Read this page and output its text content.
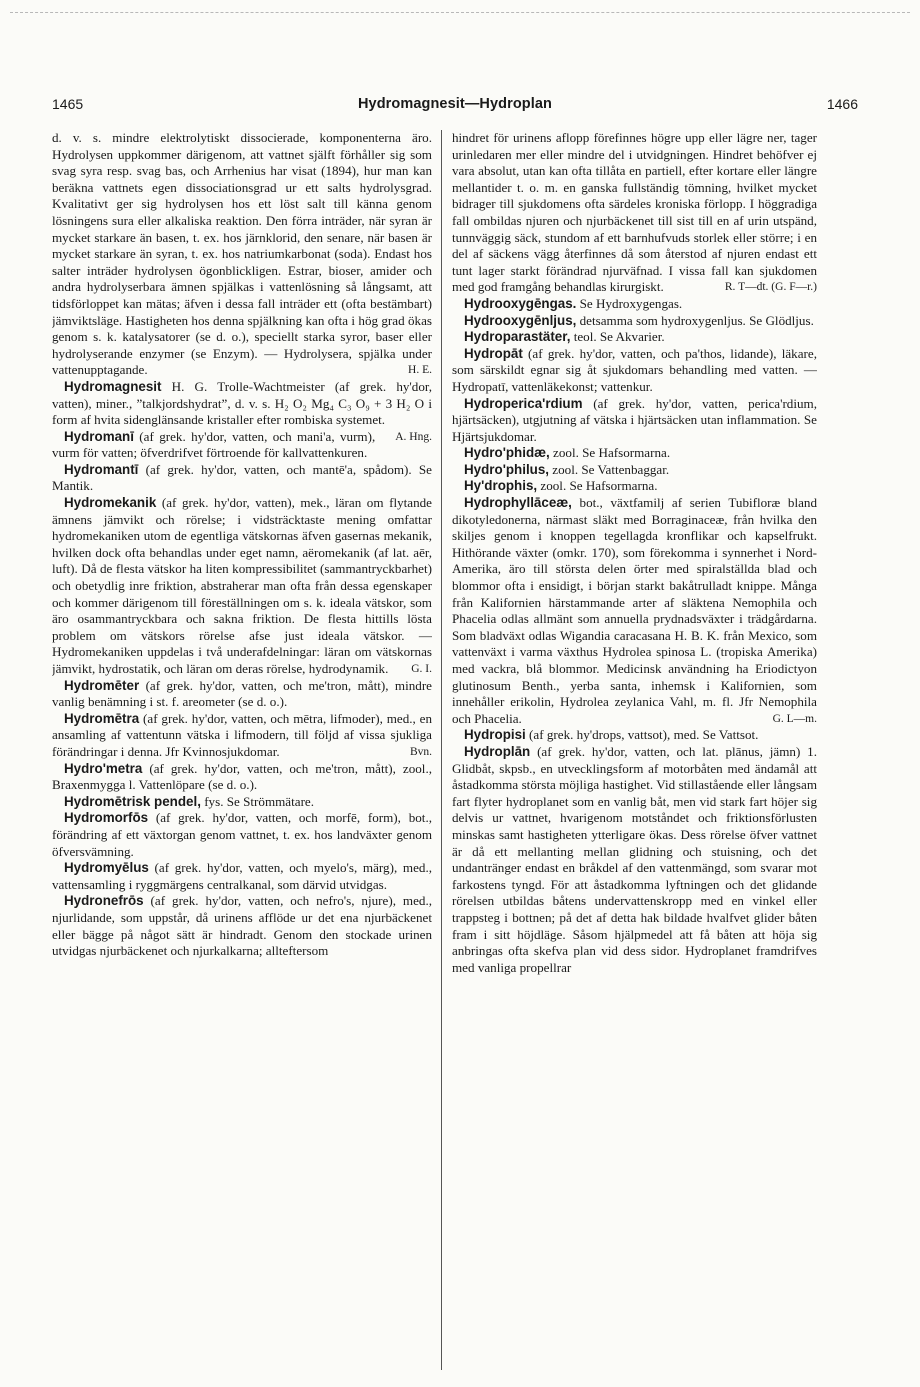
1465	Hydromagnesit—Hydroplan	1466

d. v. s. mindre elektrolytiskt dissocierade, komponenterna äro. Hydrolysen uppkommer därigenom, att vattnet själft förhåller sig som svag syra resp. svag bas, och Arrhenius har visat (1894), hur man kan beräkna vattnets egen dissociationsgrad ur ett salts hydrolysgrad. Kvalitativt ger sig hydrolysen hos ett löst salt till känna genom lösningens sura eller alkaliska reaktion. Den förra inträder, när syran är mycket starkare än basen, t. ex. hos järnklorid, den senare, när basen är mycket starkare än syran, t. ex. hos natriumkarbonat (soda). Endast hos salter inträder hydrolysen ögonblickligen. Estrar, bioser, amider och andra hydrolyserbara ämnen spjälkas i vattenlösning så långsamt, att tidsförloppet kan mätas; äfven i dessa fall inträder ett (ofta bestämbart) jämviktsläge. Hastigheten hos denna spjälkning kan ofta i hög grad ökas genom s. k. katalysatorer (se d. o.), speciellt starka syror, baser eller hydrolyserande enzymer (se Enzym). — Hydrolysera, spjälka under vattenupptagande.	H. E.

Hydromagnesit H. G. Trolle-Wachtmeister (af grek. hy'dor, vatten), miner., ”talkjordshydrat”, d. v. s. H₂ O₂ Mg₄ C₃ O₉ + 3 H₂ O i form af hvita sidenglänsande kristaller efter rombiska systemet.
A. Hng.

Hydromanī (af grek. hy'dor, vatten, och mani'a, vurm), vurm för vatten; öfverdrifvet förtroende för kallvattenkuren.

Hydromantī (af grek. hy'dor, vatten, och mantē'a, spådom). Se Mantik.

Hydromekanik (af grek. hy'dor, vatten), mek., läran om flytande ämnens jämvikt och rörelse; i vidsträcktaste mening omfattar hydromekaniken utom de egentliga vätskornas äfven gasernas mekanik, hvilken dock ofta behandlas under eget namn, aëromekanik (af lat. aēr, luft). Då de flesta vätskor ha liten kompressibilitet (sammantryckbarhet) och obetydlig inre friktion, abstraherar man ofta från dessa egenskaper och kommer därigenom till föreställningen om s. k. ideala vätskor, som äro osammantryckbara och sakna friktion. De flesta hittills lösta problem om vätskors rörelse afse just ideala vätskor. — Hydromekaniken uppdelas i två underafdelningar: läran om vätskornas jämvikt, hydrostatik, och läran om deras rörelse, hydrodynamik.	G. I.

Hydromēter (af grek. hy'dor, vatten, och me'tron, mått), mindre vanlig benämning i st. f. areometer (se d. o.).

Hydromētra (af grek. hy'dor, vatten, och mētra, lifmoder), med., en ansamling af vattentunn vätska i lifmodern, till följd af vissa sjukliga förändringar i denna. Jfr Kvinnosjukdomar.	Bvn.

Hydro'metra (af grek. hy'dor, vatten, och me'tron, mått), zool., Braxenmygga l. Vattenlöpare (se d. o.).

Hydromētrisk pendel, fys. Se Strömmätare.

Hydromorfōs (af grek. hy'dor, vatten, och morfē, form), bot., förändring af ett växtorgan genom vattnet, t. ex. hos landväxter genom öfversvämning.

Hydromyēlus (af grek. hy'dor, vatten, och myelo's, märg), med., vattensamling i ryggmärgens centralkanal, som därvid utvidgas.

Hydronefrōs (af grek. hy'dor, vatten, och nefro's, njure), med., njurlidande, som uppstår, då urinens afflöde ur det ena njurbäckenet eller bägge på något sätt är hindradt. Genom den stockade urinen utvidgas njurbäckenet och njurkalkarna; allteftersom

hindret för urinens aflopp förefinnes högre upp eller lägre ner, tager urinledaren mer eller mindre del i utvidgningen. Hindret behöfver ej vara absolut, utan kan ofta tillåta en partiell, efter kortare eller längre mellantider t. o. m. en ganska fullständig tömning, hvilket mycket bidrager till sjukdomens ofta särdeles kroniska förlopp. I höggradiga fall ombildas njuren och njurbäckenet till sist till en af urin utspänd, tunnväggig säck, stundom af ett barnhufvuds storlek eller större; i en del af säckens vägg återfinnes då som återstod af njuren endast ett tunt lager starkt förändrad njurväfnad. I vissa fall kan sjukdomen med god framgång behandlas kirurgiskt.	R. T—dt. (G. F—r.)

Hydrooxygēngas. Se Hydroxygengas.

Hydrooxygēnljus, detsamma som hydroxygenljus. Se Glödljus.

Hydroparastäter, teol. Se Akvarier.

Hydropāt (af grek. hy'dor, vatten, och pa'thos, lidande), läkare, som särskildt egnar sig åt sjukdomars behandling med vatten. — Hydropatī, vattenläkekonst; vattenkur.

Hydroperica'rdium (af grek. hy'dor, vatten, perica'rdium, hjärtsäcken), utgjutning af vätska i hjärtsäcken utan inflammation. Se Hjärtsjukdomar.

Hydro'phidæ, zool. Se Hafsormarna.

Hydro'philus, zool. Se Vattenbaggar.

Hy'drophis, zool. Se Hafsormarna.

Hydrophyllāceæ, bot., växtfamilj af serien Tubifloræ bland dikotyledonerna, närmast släkt med Borraginaceæ, från hvilka den skiljes genom i knoppen tegellagda kronflikar och kapselfrukt. Hithörande växter (omkr. 170), som förekomma i synnerhet i Nord-Amerika, äro till största delen örter med spiralställda blad och blommor ofta i ensidigt, i början starkt bakåtrulladt knippe. Många från Kalifornien härstammande arter af släktena Nemophila och Phacelia odlas allmänt som annuella prydnadsväxter i trädgårdarna. Som bladväxt odlas Wigandia caracasana H. B. K. från Mexico, som vattenväxt i varma växthus Hydrolea spinosa L. (tropiska Amerika) med vackra, blå blommor. Medicinsk användning ha Eriodictyon glutinosum Benth., yerba santa, inhemsk i Kalifornien, som innehåller erikolin, Hydrolea zeylanica Vahl, m. fl. Jfr Nemophila och Phacelia.	G. L—m.

Hydropisi (af grek. hy'drops, vattsot), med. Se Vattsot.

Hydroplān (af grek. hy'dor, vatten, och lat. plānus, jämn) 1. Glidbåt, skpsb., en utvecklingsform af motorbåten med ändamål att åstadkomma största möjliga hastighet. Vid stillastående eller långsam fart flyter hydroplanet som en vanlig båt, men vid stark fart höjer sig delvis ur vattnet, hvarigenom motståndet och friktionsförlusten minskas samt hastigheten ytterligare ökas. Dess rörelse öfver vattnet är då ett mellanting mellan glidning och stuisning, och det undantränger endast en bråkdel af den vattenmängd, som svarar mot farkostens tyngd. För att åstadkomma lyftningen och det glidande rörelsen utbildas båtens undervattenskropp med en vinkel eller trappsteg i bottnen; på det af detta hak bildade hvalfvet glider båten fram i sitt höjdläge. Såsom hjälpmedel att få båten att höja sig anbringas ofta skefva plan vid dess sidor. Hydroplanet framdrifves med vanliga propellrar
